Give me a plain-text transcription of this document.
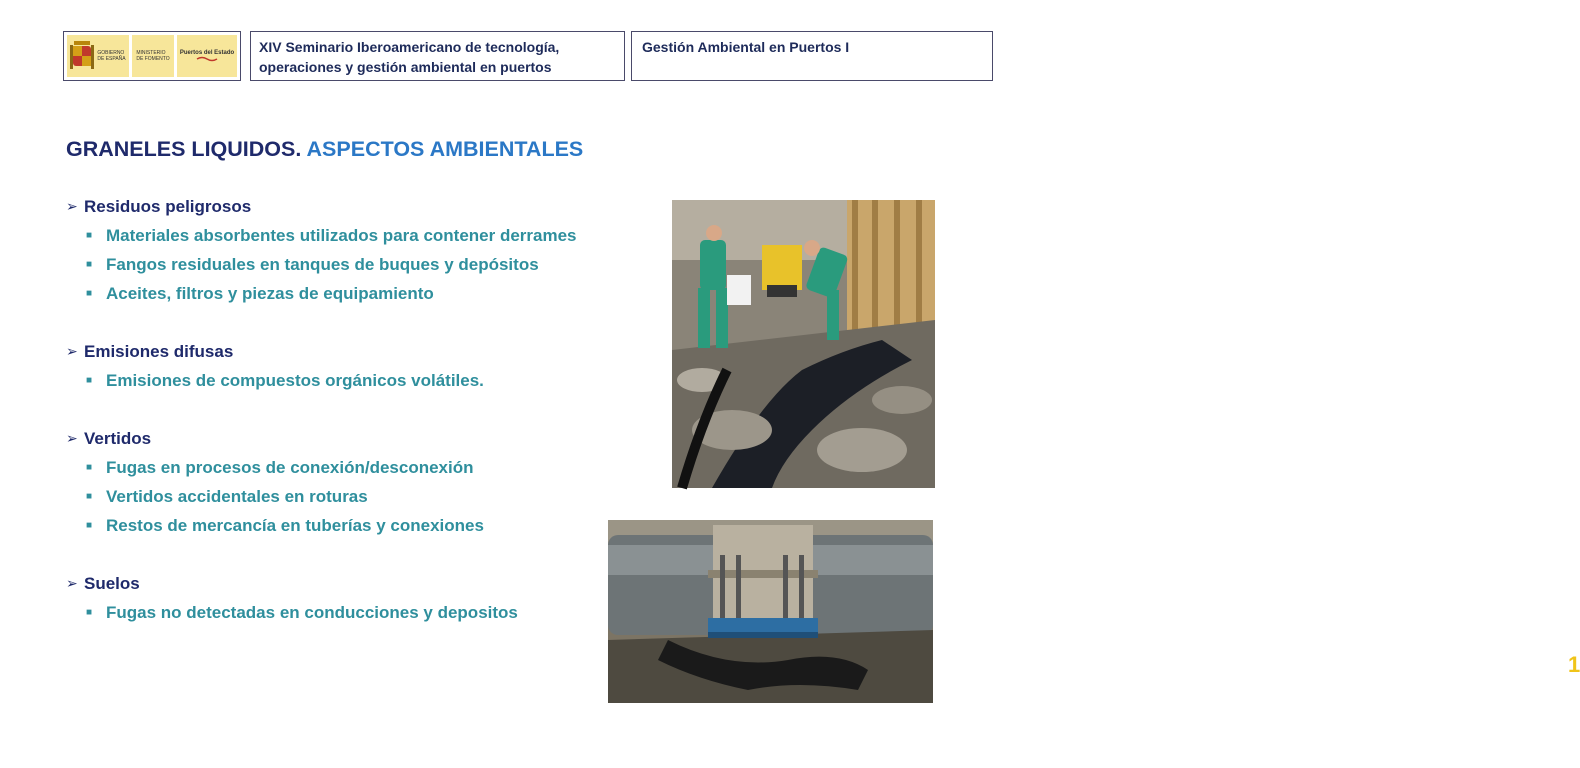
GOBIERNO
DE ESPAÑA
MINISTERIO
DE FOMENTO
Puertos del Estado XIV Seminario Iberoamericano de tecnología, operaciones y gestión ambiental en puertos
Gestión Ambiental en Puertos I
GRANELES LIQUIDOS. ASPECTOS AMBIENTALES
➢ Residuos peligrosos
■ Materiales absorbentes utilizados para contener derrames
■ Fangos residuales en tanques de buques y depósitos
■ Aceites, filtros y piezas de equipamiento
➢ Emisiones difusas
■ Emisiones de compuestos orgánicos volátiles.
➢ Vertidos
■ Fugas en procesos de conexión/desconexión
■ Vertidos accidentales en roturas
■ Restos de mercancía en tuberías y conexiones
➢ Suelos
■ Fugas no detectadas en conducciones y depositos
1
